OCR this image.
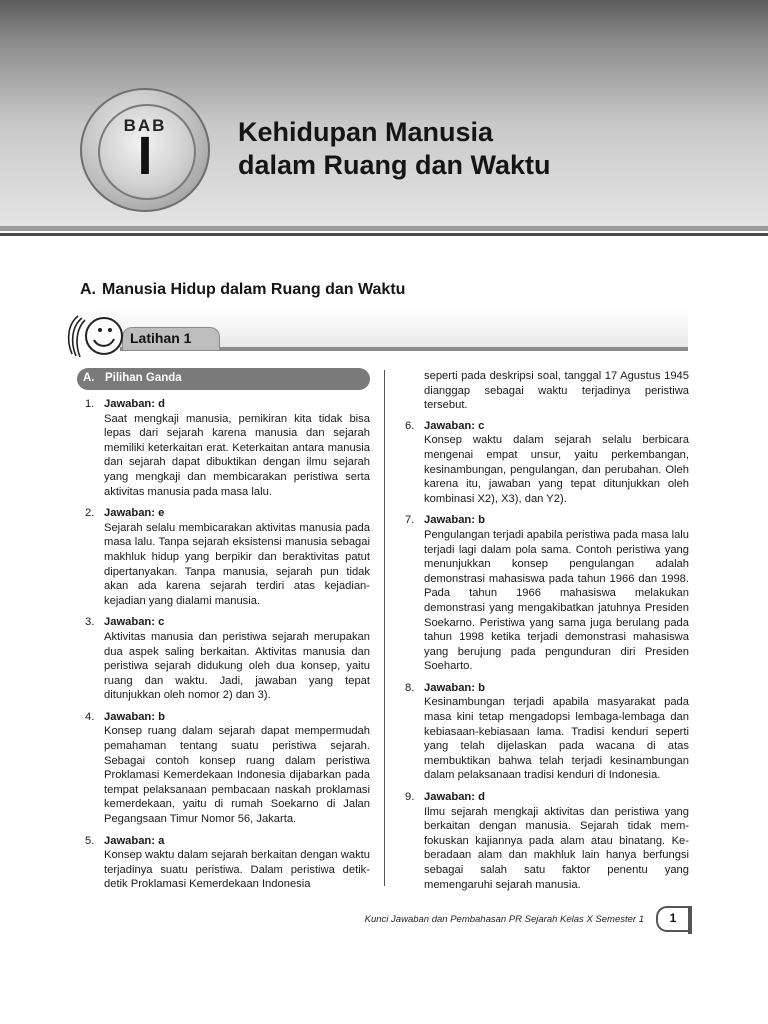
BAB
I	Kehidupan Manusia
dalam Ruang dan Waktu
A. Manusia Hidup dalam Ruang dan Waktu
Latihan 1
A. Pilihan Ganda
1. Jawaban: d
Saat mengkaji manusia, pemikiran kita tidak bisa lepas dari sejarah karena manusia dan sejarah memiliki keterkaitan erat. Keterkaitan antara manusia dan sejarah dapat dibuktikan dengan ilmu sejarah yang mengkaji dan membicarakan peristiwa serta aktivitas manusia pada masa lalu.
2. Jawaban: e
Sejarah selalu membicarakan aktivitas manusia pada masa lalu. Tanpa sejarah eksistensi manusia sebagai makhluk hidup yang berpikir dan beraktivitas patut dipertanyakan. Tanpa manusia, sejarah pun tidak akan ada karena sejarah terdiri atas kejadian-kejadian yang dialami manusia.
3. Jawaban: c
Aktivitas manusia dan peristiwa sejarah merupakan dua aspek saling berkaitan. Aktivitas manusia dan peristiwa sejarah didukung oleh dua konsep, yaitu ruang dan waktu. Jadi, jawaban yang tepat ditunjukkan oleh nomor 2) dan 3).
4. Jawaban: b
Konsep ruang dalam sejarah dapat mempermudah pemahaman tentang suatu peristiwa sejarah. Sebagai contoh konsep ruang dalam peristiwa Proklamasi Kemerdekaan Indonesia dijabarkan pada tempat pelaksanaan pembacaan naskah proklamasi kemerdekaan, yaitu di rumah Soekarno di Jalan Pegangsaan Timur Nomor 56, Jakarta.
5. Jawaban: a
Konsep waktu dalam sejarah berkaitan dengan waktu terjadinya suatu peristiwa. Dalam peristiwa detik-detik Proklamasi Kemerdekaan Indonesia
seperti pada deskripsi soal, tanggal 17 Agustus 1945 dianggap sebagai waktu terjadinya peristiwa tersebut.
6. Jawaban: c
Konsep waktu dalam sejarah selalu berbicara mengenai empat unsur, yaitu perkembangan, kesinambungan, pengulangan, dan perubahan. Oleh karena itu, jawaban yang tepat ditunjukkan oleh kombinasi X2), X3), dan Y2).
7. Jawaban: b
Pengulangan terjadi apabila peristiwa pada masa lalu terjadi lagi dalam pola sama. Contoh peristiwa yang menunjukkan konsep pengulangan adalah demonstrasi mahasiswa pada tahun 1966 dan 1998. Pada tahun 1966 mahasiswa melakukan demonstrasi yang mengakibatkan jatuhnya Presiden Soekarno. Peristiwa yang sama juga berulang pada tahun 1998 ketika terjadi demonstrasi mahasiswa yang berujung pada pengunduran diri Presiden Soeharto.
8. Jawaban: b
Kesinambungan terjadi apabila masyarakat pada masa kini tetap mengadopsi lembaga-lembaga dan kebiasaan-kebiasaan lama. Tradisi kenduri seperti yang telah dijelaskan pada wacana di atas membuktikan bahwa telah terjadi kesinambungan dalam pelaksanaan tradisi kenduri di Indonesia.
9. Jawaban: d
Ilmu sejarah mengkaji aktivitas dan peristiwa yang berkaitan dengan manusia. Sejarah tidak mem-fokuskan kajiannya pada alam atau binatang. Ke-beradaan alam dan makhluk lain hanya berfungsi sebagai salah satu faktor penentu yang memengaruhi sejarah manusia.
Kunci Jawaban dan Pembahasan PR Sejarah Kelas X Semester 1	1
